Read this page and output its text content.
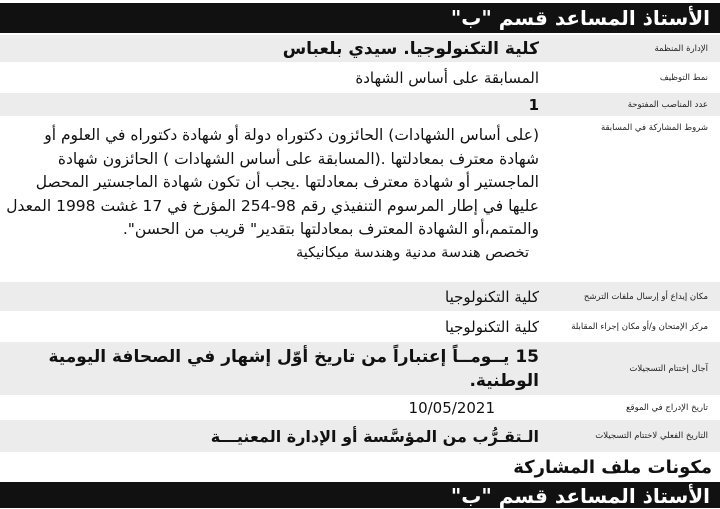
الأستاذ المساعد قسم "ب"
الإدارة المنظمة
كلية التكنولوجيا. سيدي بلعباس
نمط التوظيف
المسابقة على أساس الشهادة
عدد المناصب المفتوحة
1
شروط المشاركة في المسابقة

(على أساس الشهادات) الحائزون دكتوراه دولة أو شهادة دكتوراه في العلوم أو

شهادة معترف بمعادلتها .(المسابقة على أساس الشهادات ) الحائزون شهادة

الماجستير أو شهادة معترف بمعادلتها .يجب أن تكون شهادة الماجستير المحصل

عليها في إطار المرسوم التنفيذي رقم 98-254 المؤرخ في 17 غشت 1998 المعدل

والمتمم،أو الشهادة المعترف بمعادلتها بتقدير" قريب من الحسن".

تخصص هندسة مدنية وهندسة ميكانيكية

مكان إيداع أو إرسال ملفات الترشح
كلية التكنولوجيا
مركز الإمتحان و/أو مكان إجراء المقابلة
كلية التكنولوجيا
آجال إختتام التسجيلات
15 يــومــاً إعتباراً من تاريخ أوّل إشهار في الصحافة اليومية الوطنية.
تاريخ الإدراج في الموقع
10/05/2021
التاريخ الفعلي لاختتام التسجيلات
الـتقـرُّب من المؤسَّسة أو الإدارة المعنيـــة
مكونات ملف المشاركة
الأستاذ المساعد قسم "ب"
